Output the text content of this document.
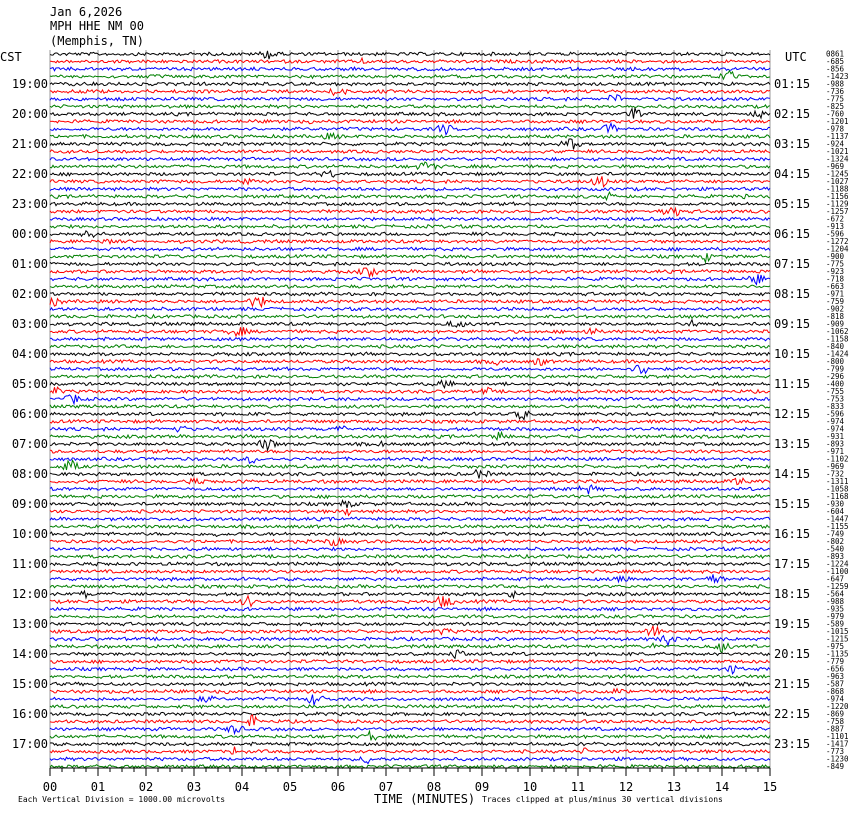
Jan 6,2026
MPH HHE NM 00
(Memphis, TN)
CST	UTC	0861
-685
-856
-1423
-988
-736
-775
-825
-760
-1201
-978
-1137
-924
-1021
-1324
-969
-1245
-1027
-1188
-1156
-1129
-1257
-672
-913
-596
-1272
-1204
-900
-775
-923
-718
-663
-971
-759
-902
-818
-909
-1062
-1158
-840
-1424
-800
-799
-296
-400
-755
-753
-833
-596
-974
-974
-931
-893
-971
-1102
-969
-732
-1311
-1058
-1168
-930
-604
-1447
-1155
-749
-802
-540
-893
-1224
-1100
-647
-1259
-564
-988
-935
-979
-589
-1015
-1215
-975
-1135
-779
-656
-963
-587
-868
-974
-1220
-869
-758
-887
-1101
-1417
-773
-1230
-849
19:00	01:15
20:00	02:15
21:00	03:15
22:00	04:15
23:00	05:15
00:00	06:15
01:00	07:15
02:00	08:15
03:00	09:15
04:00	10:15
05:00	11:15
06:00	12:15
07:00	13:15
08:00	14:15
09:00	15:15
10:00	16:15
11:00	17:15
12:00	18:15
13:00	19:15
14:00	20:15
15:00	21:15
16:00	22:15
17:00	23:15
00	01	02	03	04	05	06	07	08	09	10	11	12	13	14	15
Each Vertical Division = 1000.00 microvolts	TIME (MINUTES) Traces clipped at plus/minus 30 vertical divisions
